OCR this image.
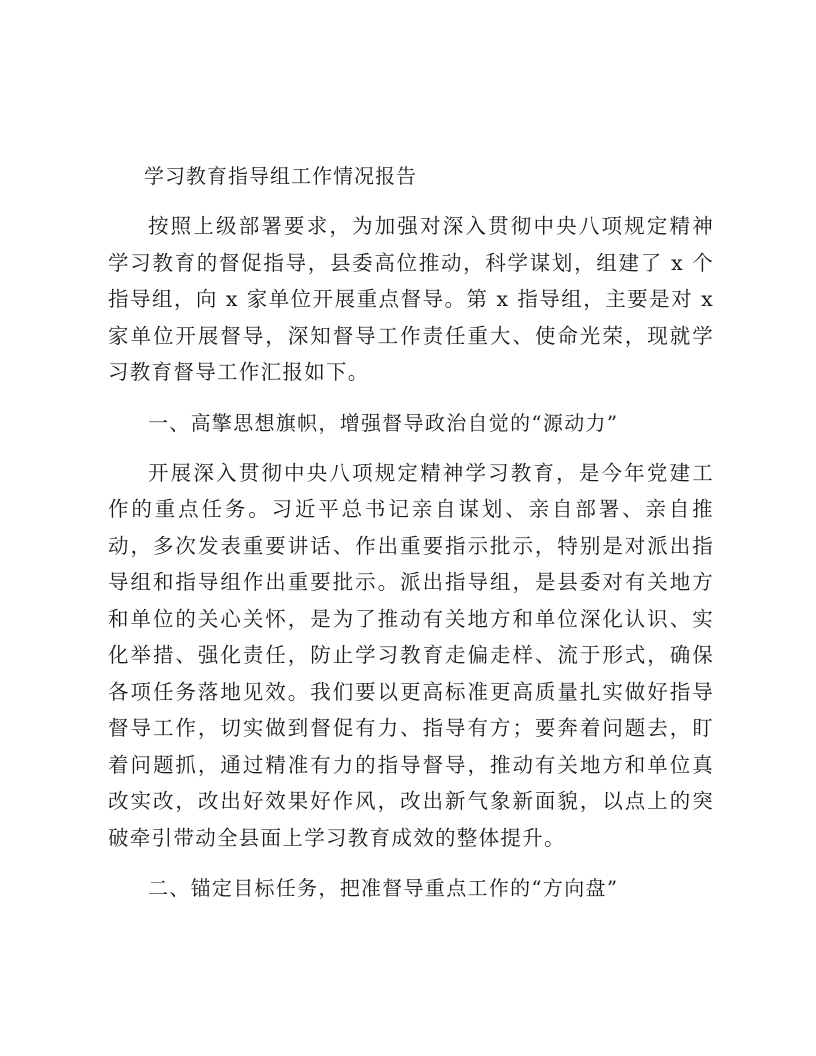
学习教育指导组工作情况报告

按照上级部署要求，为加强对深入贯彻中央八项规定精神学习教育的督促指导，县委高位推动，科学谋划，组建了 x 个指导组，向 x 家单位开展重点督导。第 x 指导组，主要是对 x 家单位开展督导，深知督导工作责任重大、使命光荣，现就学习教育督导工作汇报如下。

一、高擎思想旗帜，增强督导政治自觉的“源动力”

开展深入贯彻中央八项规定精神学习教育，是今年党建工作的重点任务。习近平总书记亲自谋划、亲自部署、亲自推动，多次发表重要讲话、作出重要指示批示，特别是对派出指导组和指导组作出重要批示。派出指导组，是县委对有关地方和单位的关心关怀，是为了推动有关地方和单位深化认识、实化举措、强化责任，防止学习教育走偏走样、流于形式，确保各项任务落地见效。我们要以更高标准更高质量扎实做好指导督导工作，切实做到督促有力、指导有方；要奔着问题去，盯着问题抓，通过精准有力的指导督导，推动有关地方和单位真改实改，改出好效果好作风，改出新气象新面貌，以点上的突破牵引带动全县面上学习教育成效的整体提升。

二、锚定目标任务，把准督导重点工作的“方向盘”
